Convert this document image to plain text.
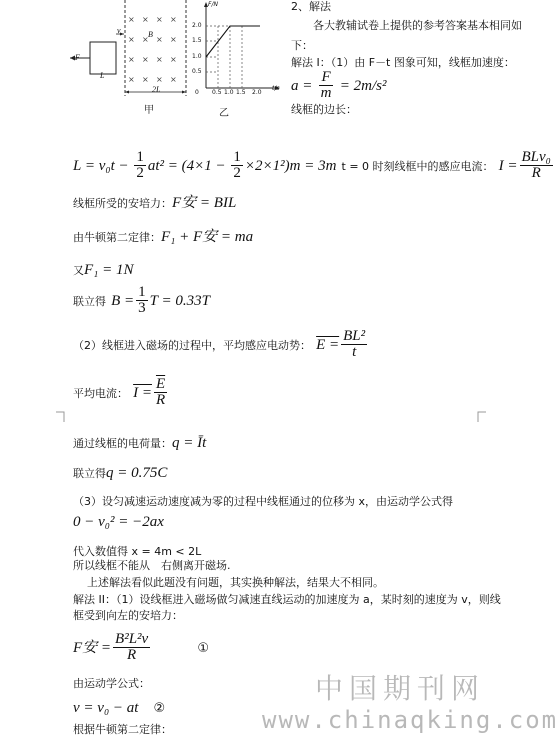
× × × ×
× × × ×
× × × ×
× × × ×
F
L
v	B
2L
甲
F/N
t/s
2.0
1.5
1.0
0.5
0 0.5 1.0 1.5 2.0
乙
2、解法
各大教辅试卷上提供的参考答案基本相同如下：
解法 I：（1）由 F－t 图象可知，线框加速度：
$a = \frac{F}{m} = 2m/s^2$
线框的边长：
$L = v_0t - \frac{1}{2} at^2 = (4\times 1 - \frac{1}{2} \times 2\times 1^2)m = 3m$ t = 0 时刻线框中的感应电流： $I = \frac{\text{BLv₀}}{R}$
线框所受的安培力：F安 = BIL
由牛顿第二定律：F₁ + F安 = ma
又F₁ = 1N
联立得 $B = \frac{1}{3}$ T = 0.33T
（2）线框进入磁场的过程中，平均感应电动势： $E = \frac{\text{BL²}}{t}$
平均电流： $I = \frac{\overline{E}}{R}$
通过线框的电荷量：q = Īt
联立得q = 0.75C
（3）设匀减速运动速度减为零的过程中线框通过的位移为 x，由运动学公式得
0 − v₀² = −2ax
代入数值得 x = 4m < 2L
所以线框不能从　右侧离开磁场.
上述解法看似此题没有问题，其实换种解法，结果大不相同。
解法 II：（1）设线框进入磁场做匀减速直线运动的加速度为 a，某时刻的速度为 v，则线
框受到向左的安培力：
F安 = $\frac{\text{B²L²v}}{R}$	①
由运动学公式：
v = v₀ − at ②
根据牛顿第二定律：
中国期刊网
www.chinaqking.com
